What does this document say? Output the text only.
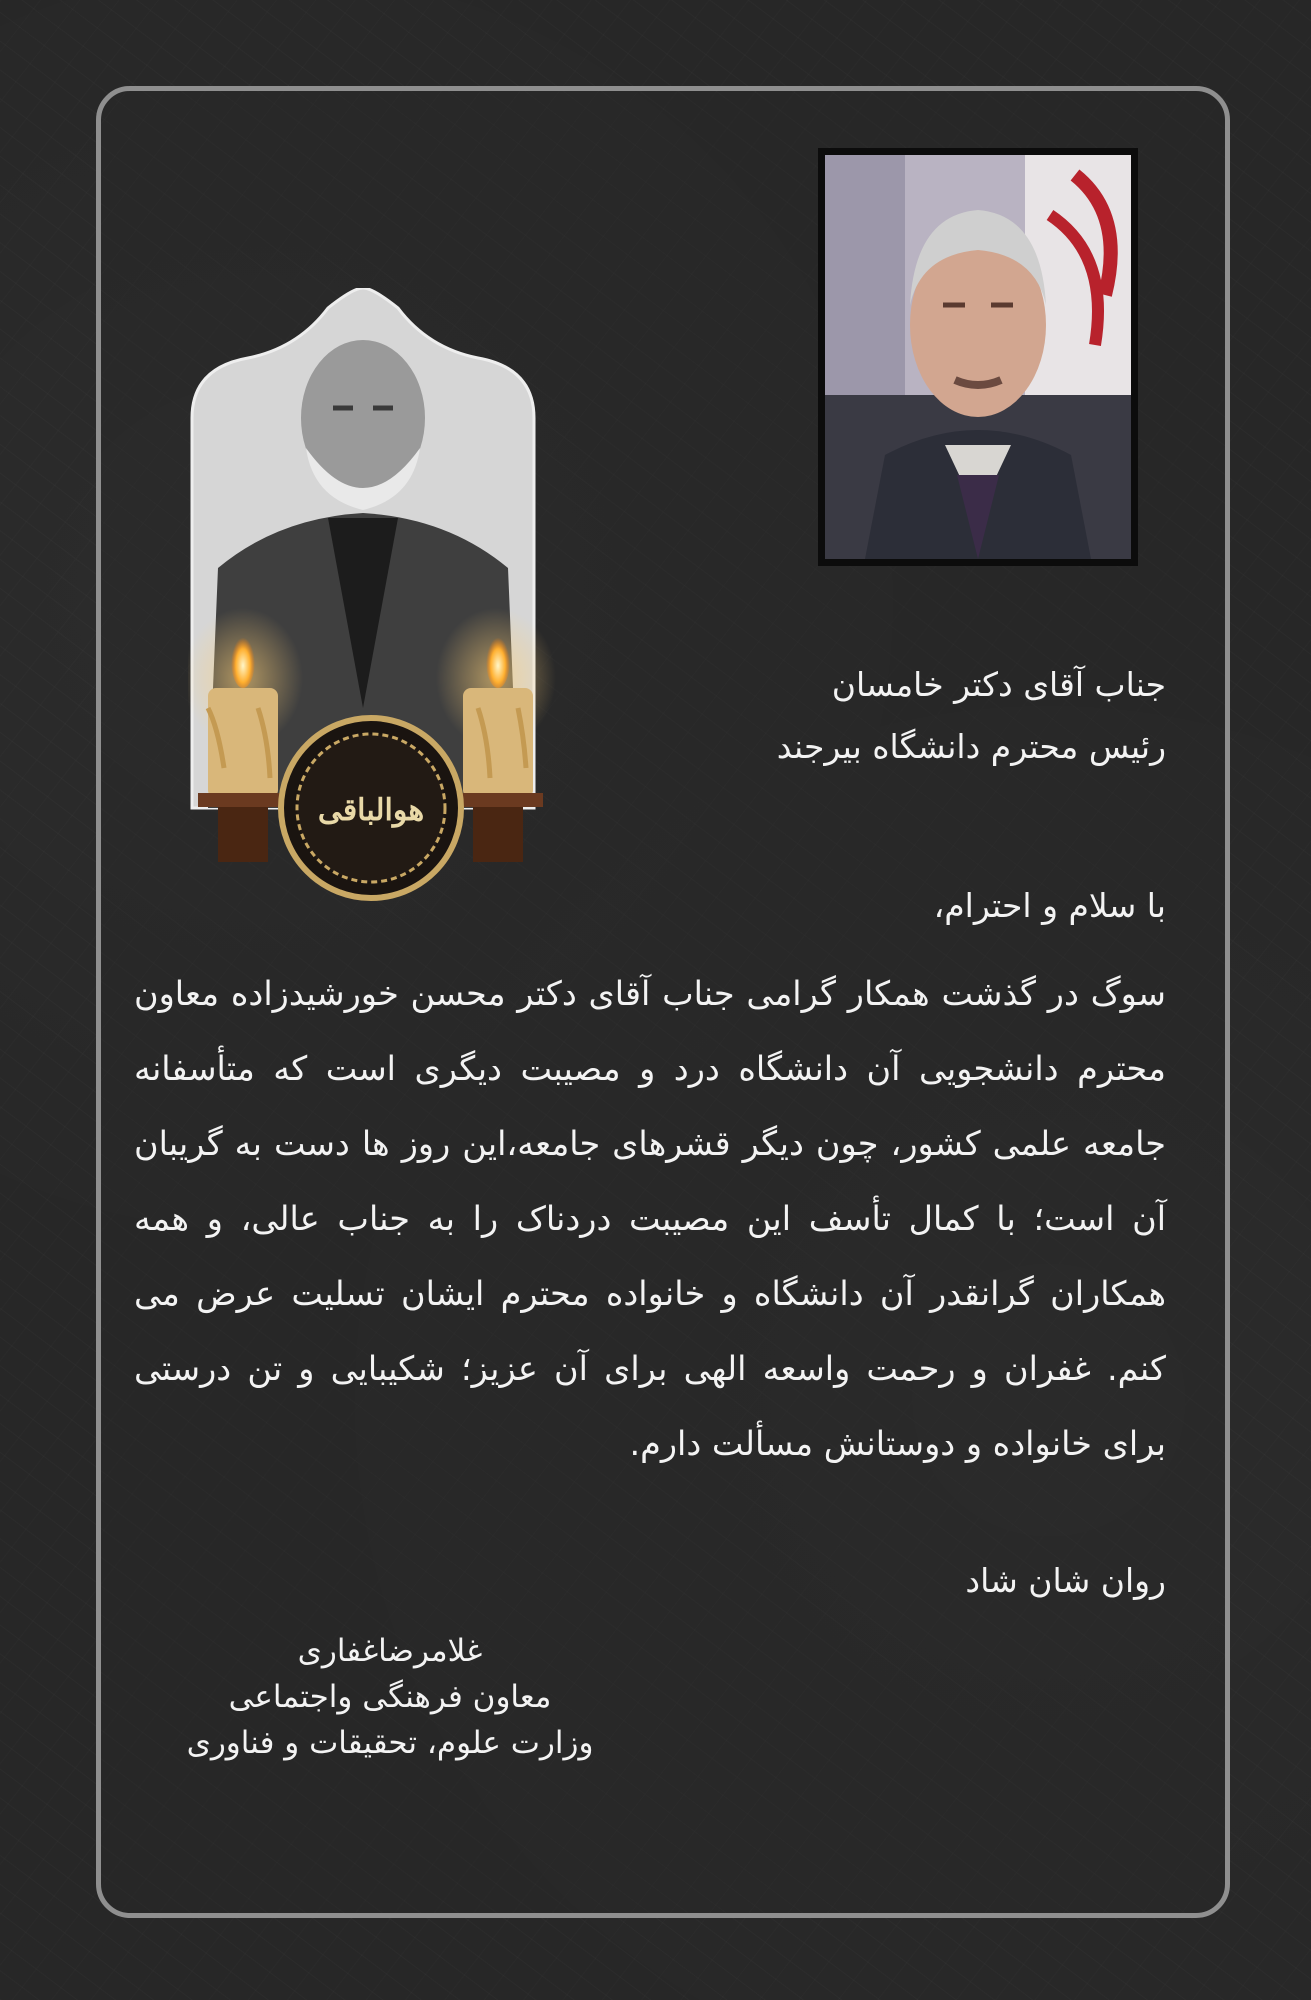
هوالباقی
جناب آقای دکتر خامسان
رئیس محترم دانشگاه بیرجند
با سلام و احترام،
سوگ در گذشت همکار گرامی جناب آقای دکتر محسن خورشیدزاده معاون محترم دانشجویی آن دانشگاه درد و مصیبت دیگری است که متأسفانه جامعه علمی کشور، چون دیگر قشرهای جامعه،این روز ها دست به گریبان آن است؛ با کمال تأسف این مصیبت دردناک را به جناب عالی، و همه همکاران گرانقدر آن دانشگاه و خانواده محترم ایشان تسلیت عرض می کنم. غفران و رحمت واسعه الهی برای آن عزیز؛ شکیبایی و تن درستی برای خانواده و دوستانش مسألت دارم.
روان شان شاد
غلامرضاغفاری
معاون فرهنگی واجتماعی
وزارت علوم، تحقیقات و فناوری
